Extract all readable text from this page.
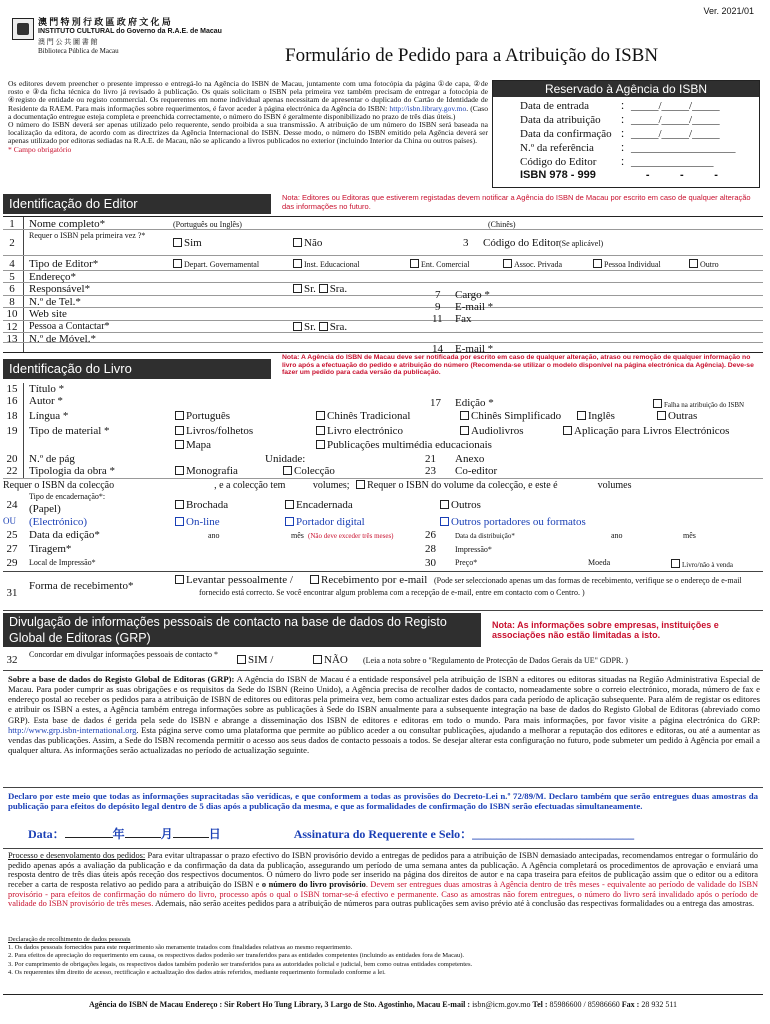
Ver. 2021/01
澳 門 特 別 行 政 區 政 府 文 化 局
INSTITUTO CULTURAL do Governo da R.A.E. de Macau
澳 門 公 共 圖 書 館
Biblioteca Pública de Macau	Formulário de Pedido para a Atribuição do ISBN

Os editores devem preencher o presente impresso e entregá-lo na Agência do ISBN de Macau, juntamente com uma fotocópia da página ①de capa, ②de rosto e ③da ficha técnica do livro já revisado à publicação. Os quais solicitam o ISBN pela primeira vez também precisam de entregar a fotocópia de ④registo de entidade ou registo commercial. Os requerentes em nome individual apenas necessitam de apresentar o duplicado do Cartão de Identidade de Residente da RAEM. Para mais informações sobre requerimentos, é favor aceder à página electrónica da Agência do ISBN: http://isbn.library.gov.mo. (Caso a documentação entregue esteja completa e preenchida correctamente, o número do ISBN é geralmente disponibilizado no prazo de três dias úteis.)

O número do ISBN deverá ser apenas utilizado pelo requerente, sendo proibida a sua transmissão. A atribuição de um número do ISBN será baseada na localização da editora, de acordo com as directrizes da Agência Internacional do ISBN. Desse modo, o número do ISBN emitido pela Agência deverá ser apenas utilizado por editoras sediadas na R.A.E. de Macau, não se aplicando a livros publicados no exterior (incluindo Interior da China ou outros países).

* Campo obrigatório

Reservado à Agência do ISBN
Data de entrada	：_____/_____/_____
Data da atribuição ：_____/_____/_____
Data da confirmação ：_____/_____/_____
N.º da referência ：___________________
Código do Editor ：_______________
ISBN 978 - 999	-          -          -
Identificação do Editor	Nota: Editores ou Editoras que estiverem registadas devem notificar a Agência do ISBN de Macau por escrito em caso de qualquer alteração das informações no futuro.
1	Nome completo*	(Português ou Inglês)	(Chinês)
2
Requer o ISBN pela primeira vez ?*
Sim	Não	3 Código do Editor (Se aplicável)
4	Tipo de Editor*	Depart. Governamental	Inst. Educacional	Ent. Comercial	Assoc. Privada	Pessoa Individual	Outro
5	Endereço*
6	Responsável*	Sr. Sra.	7 Cargo *
8	N.º de Tel.*	9 E-mail *
10	Web site	11 Fax
12	Pessoa a Contactar*	Sr. Sra.
13	N.º de Móvel.*
14 E-mail *
Identificação do Livro
Nota: A Agência do ISBN de Macau deve ser notificada por escrito em caso de qualquer alteração, atraso ou remoção de qualquer informação no livro após a efectuação do pedido e atribuição do número (Recomenda-se utilizar o modelo disponível na página electrónica da Agência). Deve-se fazer um pedido para cada versão da publicação.
15	Título *
16	Autor *	17 Edição *	Falha na atribuição do ISBN
18	Língua *	Português	Chinês Tradicional	Chinês Simplificado	Inglês	Outras
19	Tipo de material *	Livros/folhetos	Livro electrónico	Audiolivros	Aplicação para Livros Electrónicos
Mapa	Publicações multimédia educacionais
20	N.º de pág	Unidade:	21 Anexo
22	Tipologia da obra *	Monografia	Colecção	23 Co-editor
Requer o ISBN da colecção	, e a colecção tem	volumes; Requer o ISBN do volume da colecção, e este é	volumes
24
Tipo de encadernação*:
(Papel)	Brochada	Encadernada	Outros
OU (Electrónico)	On-line	Portador digital	Outros portadores ou formatos
25	Data da edição*	ano	mês (Não deve exceder três meses)	26	Data da distribuição*	ano	mês
27	Tiragem*	28 Impressão*
29	Local de Impressão*	30 Preço*	Moeda	Livro/não à venda
31
Forma de recebimento*	Levantar pessoalmente /	Recebimento por e-mail (Pode ser seleccionado apenas um das formas de recebimento, verifique se o endereço de e-mail fornecido está correcto. Se você encontrar algum problema com a recepção de e-mail, entre em contacto com o Centro. )
Divulgação de informações pessoais de contacto na base de dados do Registo Global de Editoras (GRP)
Nota: As informações sobre empresas, instituições e associações não estão limitadas a isto.
32	Concordar em divulgar informações pessoais de contacto *	SIM /	NÃO (Leia a nota sobre o "Regulamento de Protecção de Dados Gerais da UE" GDPR. )
Sobre a base de dados do Registo Global de Editoras (GRP): A Agência do ISBN de Macau é a entidade responsável pela atribuição de ISBN a editores ou editoras situadas na Região Administrativa Especial de Macau. Para poder cumprir as suas obrigações e os requisitos da Sede do ISBN (Reino Unido), a Agência precisa de recolher dados de contacto, nomeadamente sobre o correio electrónico, morada, número de fax e endereço postal ao receber os pedidos para a atribuição de ISBN de editores ou editoras pela primeira vez, bem como actualizar estes dados para cada período de aplicação subsequente. Para além de registar os editores e atribuir os ISBN a estes, a Agência também entrega informações sobre as publicações à Sede do ISBN anualmente para a subsequente integração na base de dados do Registo Global de Editoras (abreviado como GRP). Esta base de dados é gerida pela sede do ISBN e abrange a disseminação dos ISBN de editores e editoras em todo o mundo. Para mais informações, por favor visite a página electrónica do GRP: http://www.grp.isbn-international.org. Esta página serve como uma plataforma que permite ao público aceder a ou consultar publicações, ajudando a melhorar a reputação dos editores e editoras, ou até a aumentar as vendas das publicações. Assim, a Sede do ISBN recomenda permitir o acesso aos seus dados de contacto pessoais a todos. Se desejar alterar esta configuração no futuro, pode submeter um pedido à Agência por email a qualquer altura. As informações serão actualizadas no período de actualização seguinte.
Declaro por este meio que todas as informações supracitadas são verídicas, e que conformem a todas as provisões do Decreto-Lei n.º 72/89/M. Declaro também que serão entregues duas amostras da publicação para efeitos do depósito legal dentro de 5 dias após a publicação da mesma, e que as formalidades de confirmação do ISBN serão efectuadas simultaneamente.
Data：	年	月	日	Assinatura do Requerente e Selo：___________________________
Processo e desenvolamento dos pedidos: Para evitar ultrapassar o prazo efectivo do ISBN provisório devido a entregas de pedidos para a atribuição de ISBN demasiado antecipadas, recomendamos entregar o formulário do pedido apenas após a avaliação da publicação e da confirmação da data da publicação, assegurando um período de uma semana antes da publicação. A Agência completará os procedimentos de aprovação e enviará uma resposta dentro de três dias úteis após receção dos respectivos documentos. O número do livro pode ser inserido na página dos direitos de autor e na capa traseira para efeitos de publicação assim que o editor ou a editora receber a carta de resposta relativo ao pedido para a atribuição do ISBN e o número do livro provisório. Devem ser entregues duas amostras à Agência dentro de três meses - equivalente ao período de validade do ISBN provisório - para efeitos de confirmação do número do livro, processo após o qual o ISBN tornar-se-á efectivo e permanente. Caso as amostras não forem entregues, o número do livro será invalidado após o período de validade do ISBN provisório de três meses. Ademais, não serão aceites pedidos para a atribuição de números para outras publicações sem aviso prévio até à conclusão das respectivas formalidades ou a entrega das amostras.
Declaração de recolhimento de dados pessoais
1. Os dados pessoais fornecidos para este requerimento são meramente tratados com finalidades relativas ao mesmo requerimento.
2. Para efeitos de apreciação do requerimento em causa, os respectivos dados poderão ser transferidos para as entidades competentes (incluindo as entidades fora de Macau).
3. Por cumprimento de obrigações legais, os respectivos dados também poderão ser transferidos para as autoridades policial e judicial, bem como outras entidades competentes.
4. Os requerentes têm direito de acesso, rectificação e actualização dos dados atrás referidos, mediante requerimento formulado conforme a lei.
Agência do ISBN de Macau Endereço : Sir Robert Ho Tung Library, 3 Largo de Sto. Agostinho, Macau E-mail : isbn@icm.gov.mo Tel : 85986600 / 85986660 Fax : 28 932 511
